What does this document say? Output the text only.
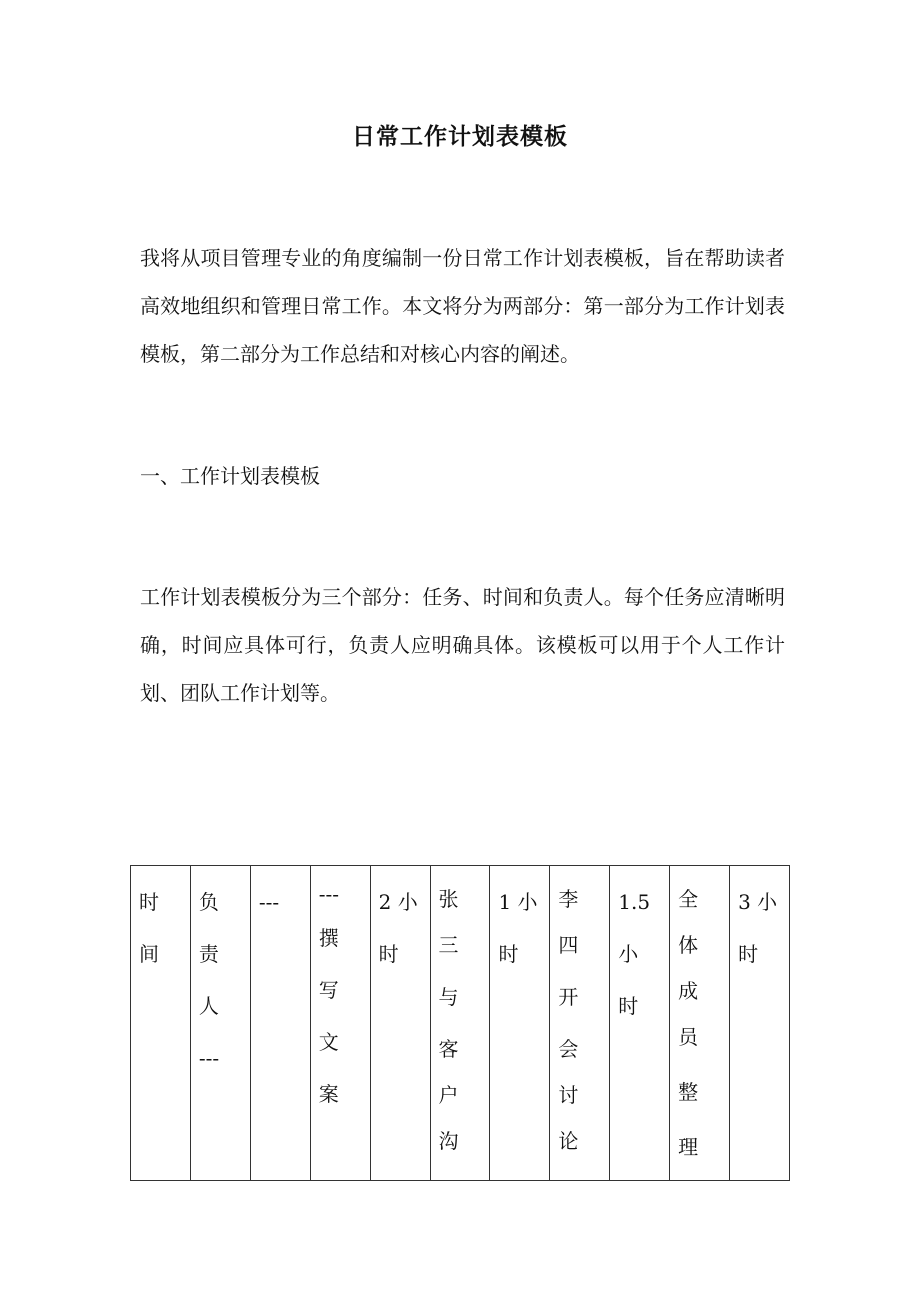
日常工作计划表模板

我将从项目管理专业的角度编制一份日常工作计划表模板，旨在帮助读者高效地组织和管理日常工作。本文将分为两部分：第一部分为工作计划表模板，第二部分为工作总结和对核心内容的阐述。

一、工作计划表模板

工作计划表模板分为三个部分：任务、时间和负责人。每个任务应清晰明确，时间应具体可行，负责人应明确具体。该模板可以用于个人工作计划、团队工作计划等。

时

间

负

责

人

---

---	---

撰

写

文

案

2 小

时

张

三

与

客

户

沟

1 小

时

李

四

开

会

讨

论

1.5

小

时

全

体

成

员

整

理

3 小

时
